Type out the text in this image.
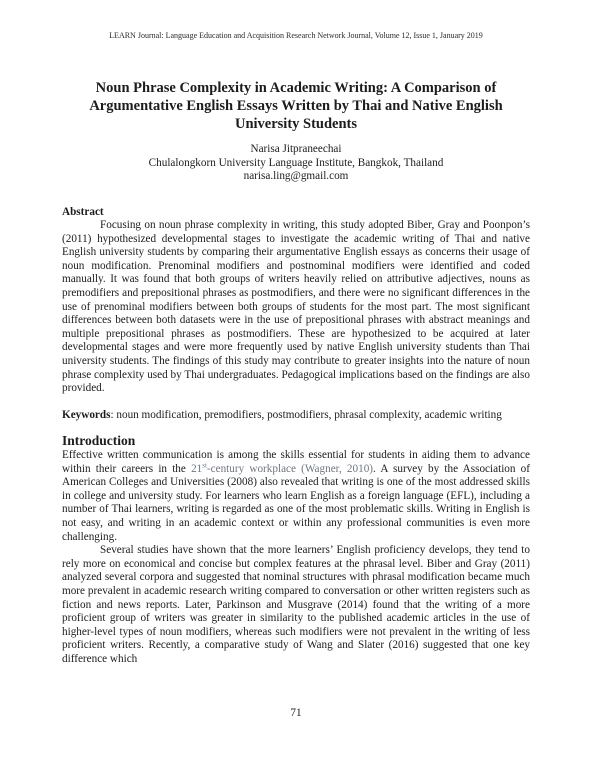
LEARN Journal: Language Education and Acquisition Research Network Journal, Volume 12, Issue 1, January 2019
Noun Phrase Complexity in Academic Writing: A Comparison of
Argumentative English Essays Written by Thai and Native English
University Students
Narisa Jitpraneechai
Chulalongkorn University Language Institute, Bangkok, Thailand
narisa.ling@gmail.com
Abstract

Focusing on noun phrase complexity in writing, this study adopted Biber, Gray and Poonpon’s (2011) hypothesized developmental stages to investigate the academic writing of Thai and native English university students by comparing their argumentative English essays as concerns their usage of noun modification. Prenominal modifiers and postnominal modifiers were identified and coded manually. It was found that both groups of writers heavily relied on attributive adjectives, nouns as premodifiers and prepositional phrases as postmodifiers, and there were no significant differences in the use of prenominal modifiers between both groups of students for the most part. The most significant differences between both datasets were in the use of prepositional phrases with abstract meanings and multiple prepositional phrases as postmodifiers. These are hypothesized to be acquired at later developmental stages and were more frequently used by native English university students than Thai university students. The findings of this study may contribute to greater insights into the nature of noun phrase complexity used by Thai undergraduates. Pedagogical implications based on the findings are also provided.

Keywords: noun modification, premodifiers, postmodifiers, phrasal complexity, academic writing

Introduction

Effective written communication is among the skills essential for students in aiding them to advance within their careers in the 21st-century workplace (Wagner, 2010). A survey by the Association of American Colleges and Universities (2008) also revealed that writing is one of the most addressed skills in college and university study. For learners who learn English as a foreign language (EFL), including a number of Thai learners, writing is regarded as one of the most problematic skills. Writing in English is not easy, and writing in an academic context or within any professional communities is even more challenging.

Several studies have shown that the more learners’ English proficiency develops, they tend to rely more on economical and concise but complex features at the phrasal level. Biber and Gray (2011) analyzed several corpora and suggested that nominal structures with phrasal modification became much more prevalent in academic research writing compared to conversation or other written registers such as fiction and news reports. Later, Parkinson and Musgrave (2014) found that the writing of a more proficient group of writers was greater in similarity to the published academic articles in the use of higher-level types of noun modifiers, whereas such modifiers were not prevalent in the writing of less proficient writers. Recently, a comparative study of Wang and Slater (2016) suggested that one key difference which

71
